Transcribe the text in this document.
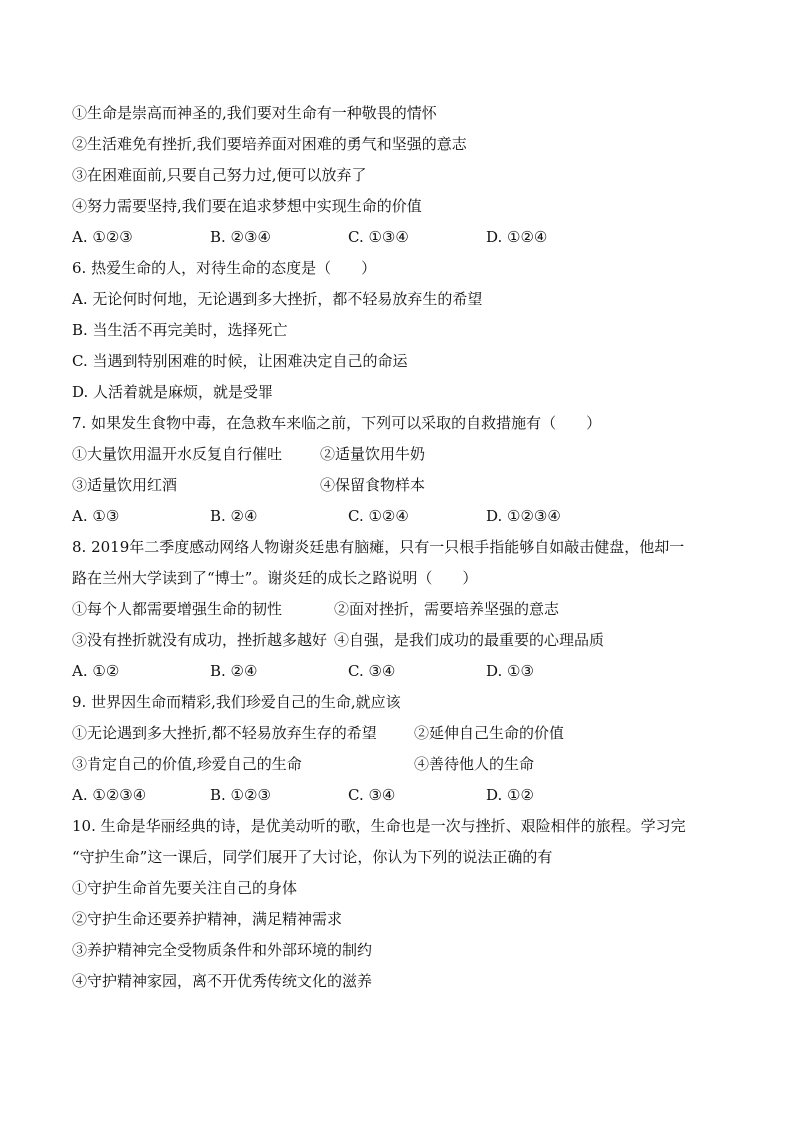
①生命是崇高而神圣的,我们要对生命有一种敬畏的情怀
②生活难免有挫折,我们要培养面对困难的勇气和坚强的意志
③在困难面前,只要自己努力过,便可以放弃了
④努力需要坚持,我们要在追求梦想中实现生命的价值
A. ①②③	B. ②③④	C. ①③④	D. ①②④
6. 热爱生命的人，对待生命的态度是（　　）
A. 无论何时何地，无论遇到多大挫折，都不轻易放弃生的希望
B. 当生活不再完美时，选择死亡
C. 当遇到特别困难的时候，让困难决定自己的命运
D. 人活着就是麻烦，就是受罪
7. 如果发生食物中毒，在急救车来临之前，下列可以采取的自救措施有（　　）
①大量饮用温开水反复自行催吐	②适量饮用牛奶
③适量饮用红酒	④保留食物样本
A. ①③	B. ②④	C. ①②④	D. ①②③④
8. 2019年二季度感动网络人物谢炎廷患有脑瘫，只有一只根手指能够自如敲击健盘，他却一
路在兰州大学读到了“博士”。谢炎廷的成长之路说明（　　）
①每个人都需要增强生命的韧性	②面对挫折，需要培养坚强的意志
③没有挫折就没有成功，挫折越多越好 ④自强，是我们成功的最重要的心理品质
A. ①②	B. ②④	C. ③④	D. ①③
9. 世界因生命而精彩,我们珍爱自己的生命,就应该
①无论遇到多大挫折,都不轻易放弃生存的希望	②延伸自己生命的价值
③肯定自己的价值,珍爱自己的生命	④善待他人的生命
A. ①②③④	B. ①②③	C. ③④	D. ①②
10. 生命是华丽经典的诗，是优美动听的歌，生命也是一次与挫折、艰险相伴的旅程。学习完
“守护生命”这一课后，同学们展开了大讨论，你认为下列的说法正确的有
①守护生命首先要关注自己的身体
②守护生命还要养护精神，满足精神需求
③养护精神完全受物质条件和外部环境的制约
④守护精神家园，离不开优秀传统文化的滋养
